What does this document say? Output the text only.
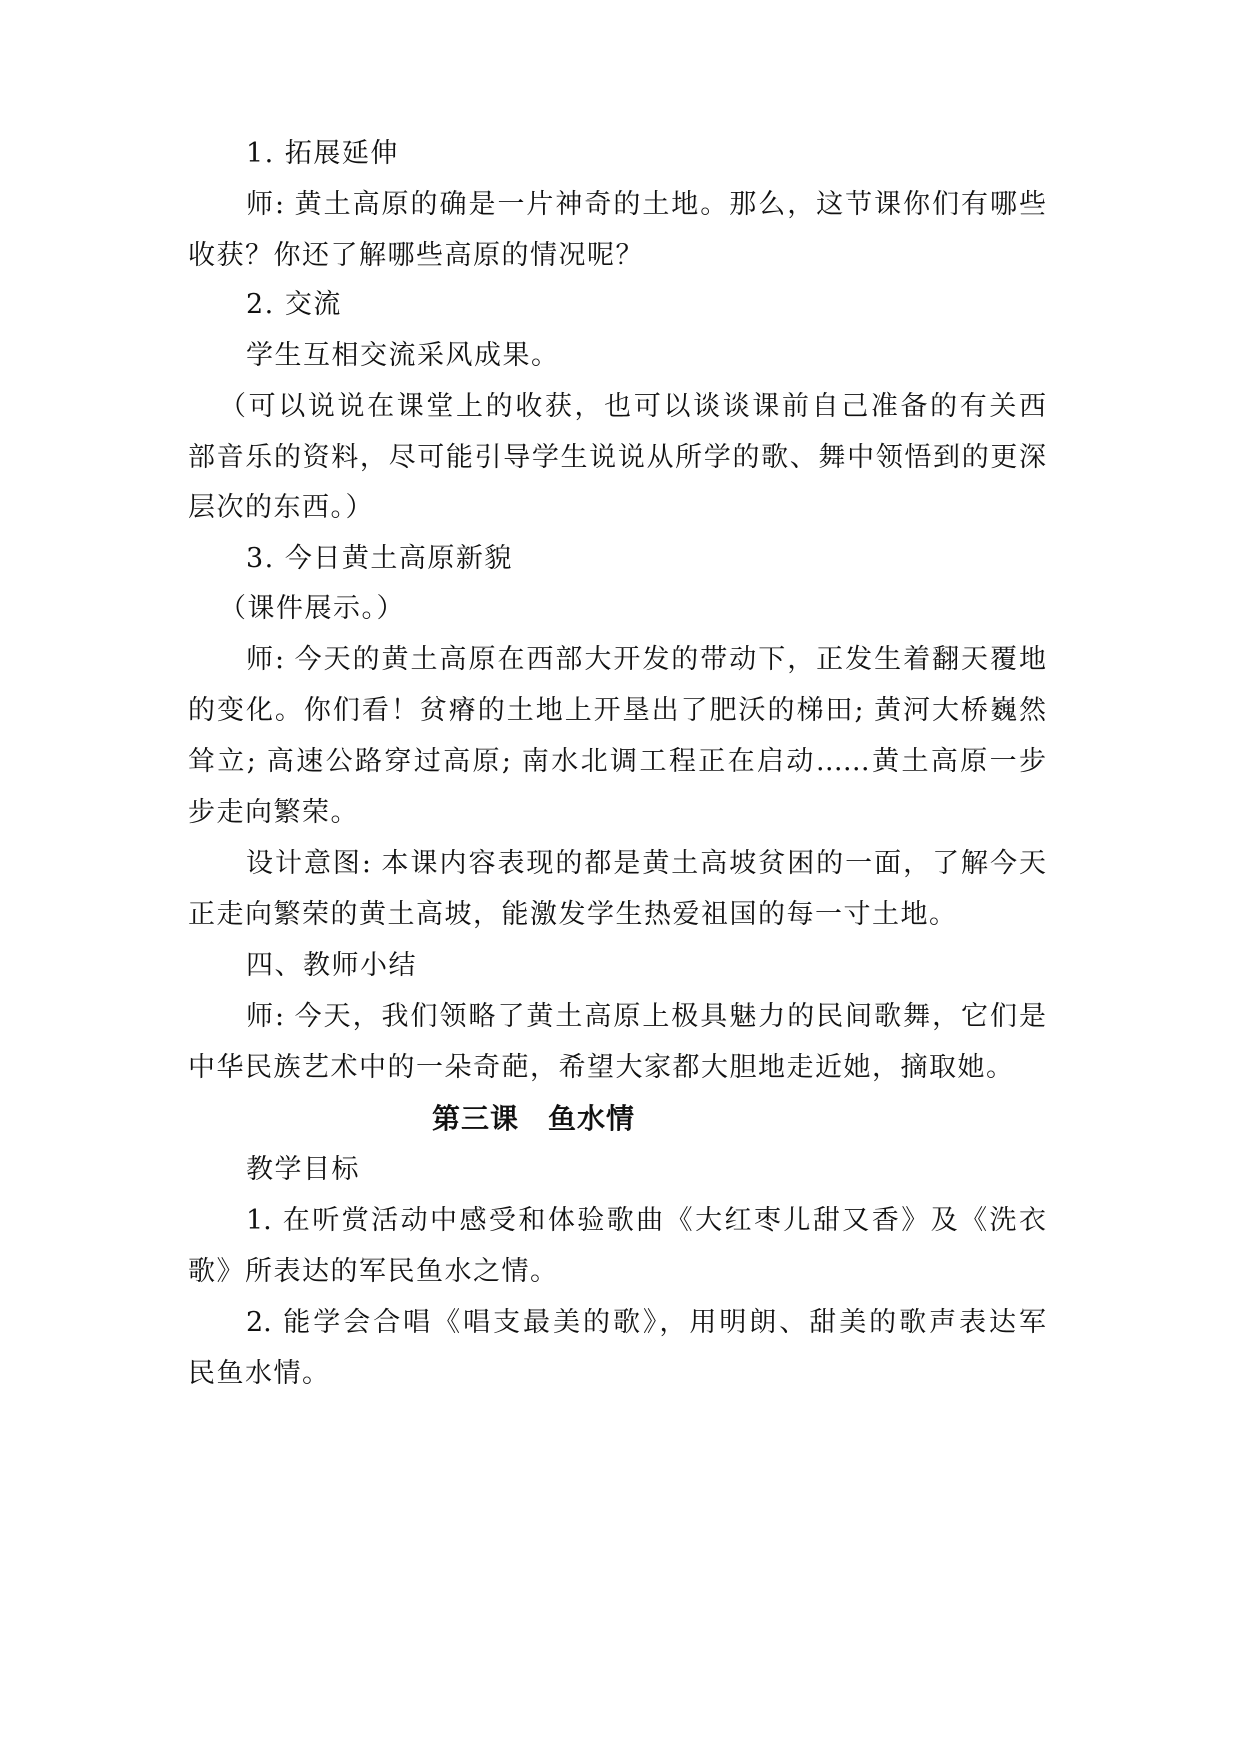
1. 拓展延伸
师: 黄土高原的确是一片神奇的土地。那么，这节课你们有哪些
收获？你还了解哪些高原的情况呢？
2. 交流
学生互相交流采风成果。
（可以说说在课堂上的收获，也可以谈谈课前自己准备的有关西
部音乐的资料，尽可能引导学生说说从所学的歌、舞中领悟到的更深
层次的东西。）
3. 今日黄土高原新貌
（课件展示。）
师: 今天的黄土高原在西部大开发的带动下，正发生着翻天覆地
的变化。你们看！贫瘠的土地上开垦出了肥沃的梯田; 黄河大桥巍然
耸立; 高速公路穿过高原; 南水北调工程正在启动……黄土高原一步
步走向繁荣。
设计意图: 本课内容表现的都是黄土高坡贫困的一面，了解今天
正走向繁荣的黄土高坡，能激发学生热爱祖国的每一寸土地。
四、教师小结
师: 今天，我们领略了黄土高原上极具魅力的民间歌舞，它们是
中华民族艺术中的一朵奇葩，希望大家都大胆地走近她，摘取她。
第三课　鱼水情
教学目标
1. 在听赏活动中感受和体验歌曲《大红枣儿甜又香》及《洗衣
歌》所表达的军民鱼水之情。
2. 能学会合唱《唱支最美的歌》，用明朗、甜美的歌声表达军
民鱼水情。
